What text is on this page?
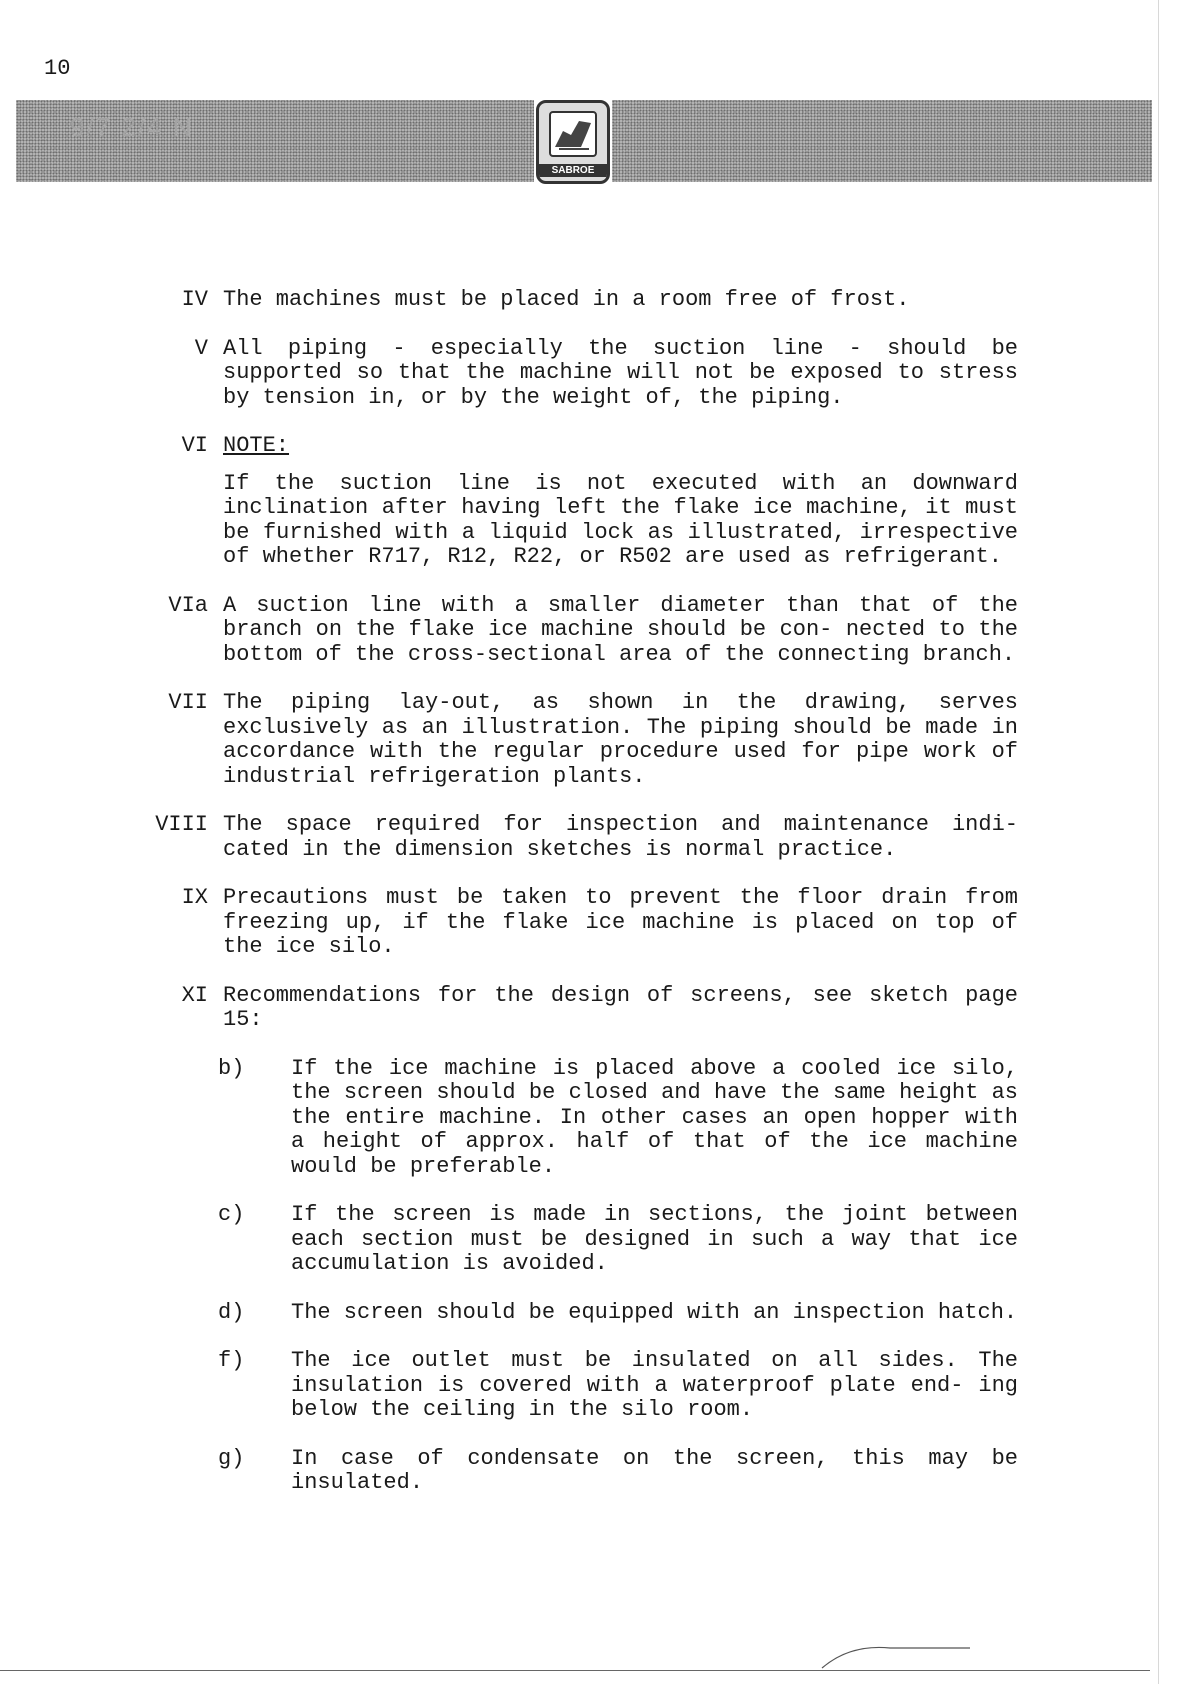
10
9/7 2/4 N
SABROE
IV The machines must be placed in a room free of frost.
V All piping - especially the suction line - should be supported so that the machine will not be exposed to stress by tension in, or by the weight of, the piping.
VI NOTE:
If the suction line is not executed with an downward inclination after having left the flake ice machine, it must be furnished with a liquid lock as illustrated, irrespective of whether R717, R12, R22, or R502 are used as refrigerant.
VIa A suction line with a smaller diameter than that of the branch on the flake ice machine should be con- nected to the bottom of the cross-sectional area of the connecting branch.
VII The piping lay-out, as shown in the drawing, serves exclusively as an illustration. The piping should be made in accordance with the regular procedure used for pipe work of industrial refrigeration plants.
VIII The space required for inspection and maintenance indi- cated in the dimension sketches is normal practice.
IX Precautions must be taken to prevent the floor drain from freezing up, if the flake ice machine is placed on top of the ice silo.
XI Recommendations for the design of screens, see sketch page 15:
b) If the ice machine is placed above a cooled ice silo, the screen should be closed and have the same height as the entire machine. In other cases an open hopper with a height of approx. half of that of the ice machine would be preferable.
c) If the screen is made in sections, the joint between each section must be designed in such a way that ice accumulation is avoided.
d) The screen should be equipped with an inspection hatch.
f) The ice outlet must be insulated on all sides. The insulation is covered with a waterproof plate end- ing below the ceiling in the silo room.
g) In case of condensate on the screen, this may be insulated.
